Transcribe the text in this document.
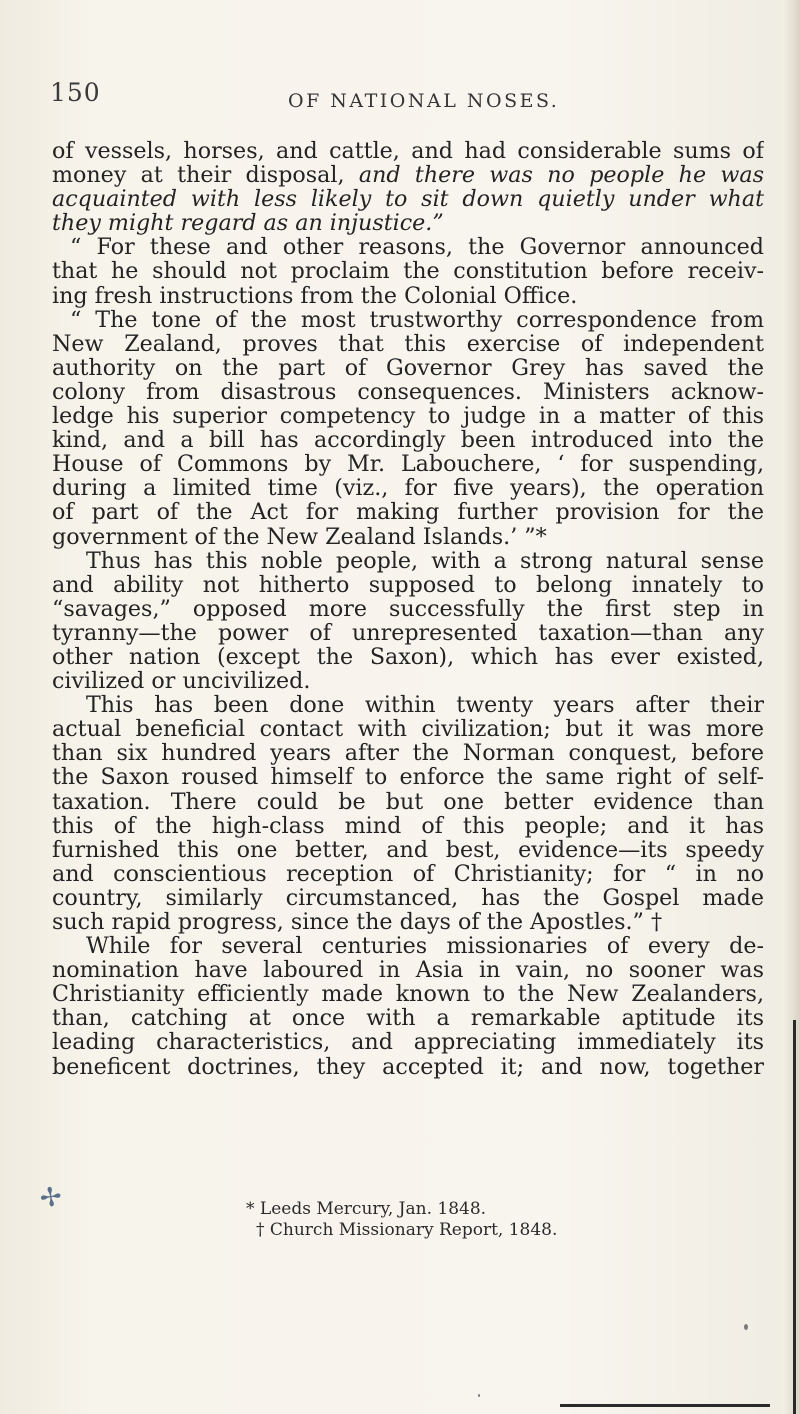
150	OF NATIONAL NOSES.
of vessels, horses, and cattle, and had considerable sums of
money at their disposal, and there was no people he was
acquainted with less likely to sit down quietly under what
they might regard as an injustice.”
“ For these and other reasons, the Governor announced
that he should not proclaim the constitution before receiv-
ing fresh instructions from the Colonial Office.
“ The tone of the most trustworthy correspondence from
New Zealand, proves that this exercise of independent
authority on the part of Governor Grey has saved the
colony from disastrous consequences. Ministers acknow-
ledge his superior competency to judge in a matter of this
kind, and a bill has accordingly been introduced into the
House of Commons by Mr. Labouchere, ‘ for suspending,
during a limited time (viz., for five years), the operation
of part of the Act for making further provision for the
government of the New Zealand Islands.’ ”*
Thus has this noble people, with a strong natural sense
and ability not hitherto supposed to belong innately to
“savages,” opposed more successfully the first step in
tyranny—the power of unrepresented taxation—than any
other nation (except the Saxon), which has ever existed,
civilized or uncivilized.
This has been done within twenty years after their
actual beneficial contact with civilization; but it was more
than six hundred years after the Norman conquest, before
the Saxon roused himself to enforce the same right of self-
taxation. There could be but one better evidence than
this of the high-class mind of this people; and it has
furnished this one better, and best, evidence—its speedy
and conscientious reception of Christianity; for “ in no
country, similarly circumstanced, has the Gospel made
such rapid progress, since the days of the Apostles.” †
While for several centuries missionaries of every de-
nomination have laboured in Asia in vain, no sooner was
Christianity efficiently made known to the New Zealanders,
than, catching at once with a remarkable aptitude its
leading characteristics, and appreciating immediately its
beneficent doctrines, they accepted it; and now, together
* Leeds Mercury, Jan. 1848.
† Church Missionary Report, 1848.
✢
